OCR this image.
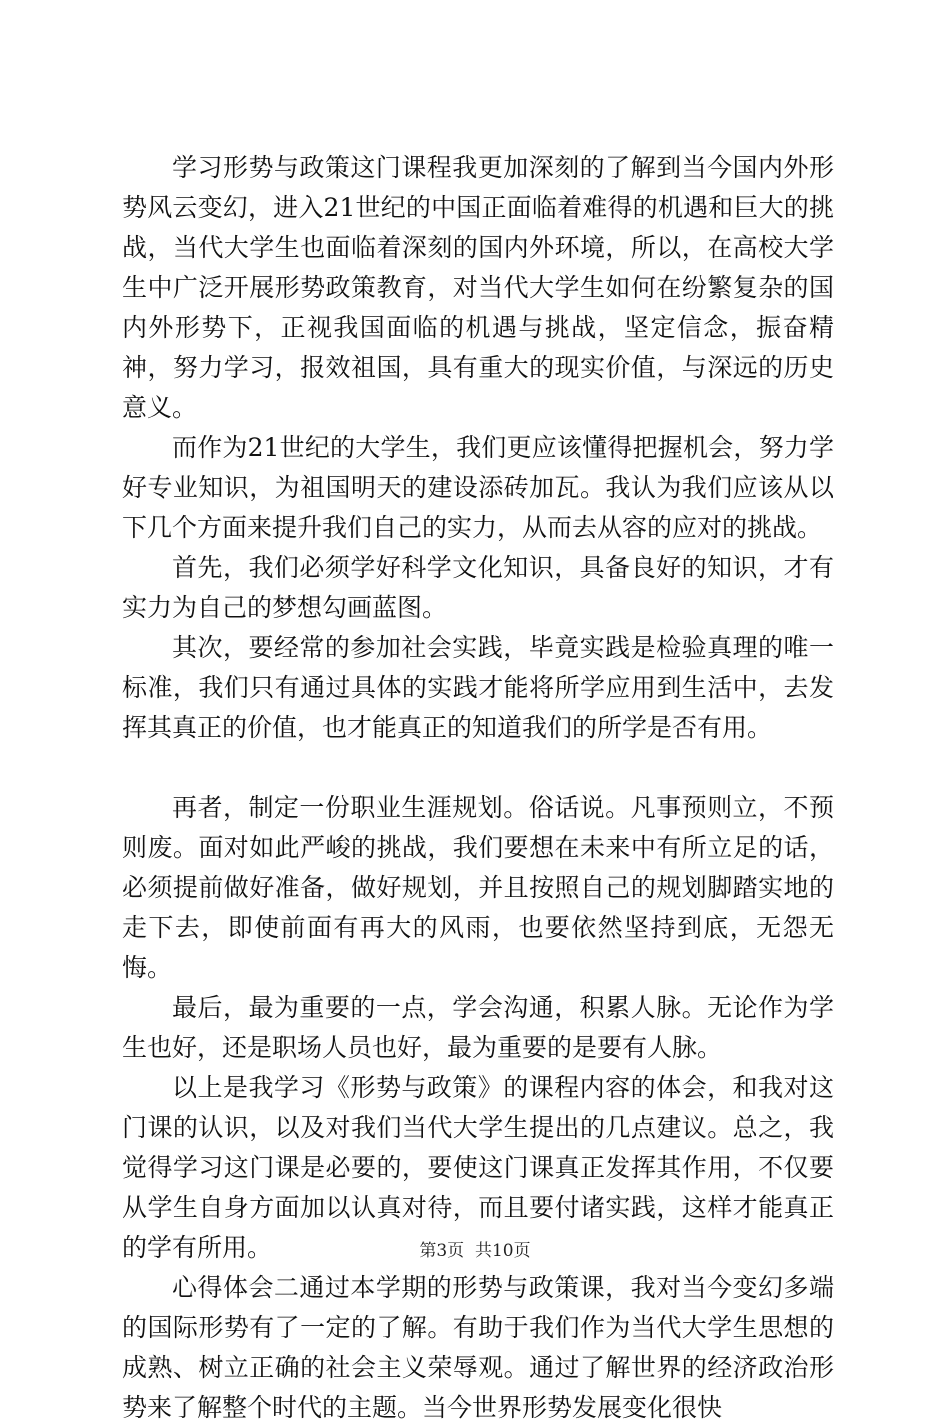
学习形势与政策这门课程我更加深刻的了解到当今国内外形势风云变幻，进入21世纪的中国正面临着难得的机遇和巨大的挑战，当代大学生也面临着深刻的国内外环境，所以，在高校大学生中广泛开展形势政策教育，对当代大学生如何在纷繁复杂的国内外形势下，正视我国面临的机遇与挑战，坚定信念，振奋精神，努力学习，报效祖国，具有重大的现实价值，与深远的历史意义。

而作为21世纪的大学生，我们更应该懂得把握机会，努力学好专业知识，为祖国明天的建设添砖加瓦。我认为我们应该从以下几个方面来提升我们自己的实力，从而去从容的应对的挑战。

首先，我们必须学好科学文化知识，具备良好的知识，才有实力为自己的梦想勾画蓝图。

其次，要经常的参加社会实践，毕竟实践是检验真理的唯一标准，我们只有通过具体的实践才能将所学应用到生活中，去发挥其真正的价值，也才能真正的知道我们的所学是否有用。

再者，制定一份职业生涯规划。俗话说。凡事预则立，不预则废。面对如此严峻的挑战，我们要想在未来中有所立足的话，必须提前做好准备，做好规划，并且按照自己的规划脚踏实地的走下去，即使前面有再大的风雨，也要依然坚持到底，无怨无悔。

最后，最为重要的一点，学会沟通，积累人脉。无论作为学生也好，还是职场人员也好，最为重要的是要有人脉。

以上是我学习《形势与政策》的课程内容的体会，和我对这门课的认识，以及对我们当代大学生提出的几点建议。总之，我觉得学习这门课是必要的，要使这门课真正发挥其作用，不仅要从学生自身方面加以认真对待，而且要付诸实践，这样才能真正的学有所用。

心得体会二通过本学期的形势与政策课，我对当今变幻多端的国际形势有了一定的了解。有助于我们作为当代大学生思想的成熟、树立正确的社会主义荣辱观。通过了解世界的经济政治形势来了解整个时代的主题。当今世界形势发展变化很快

第3页  共10页
